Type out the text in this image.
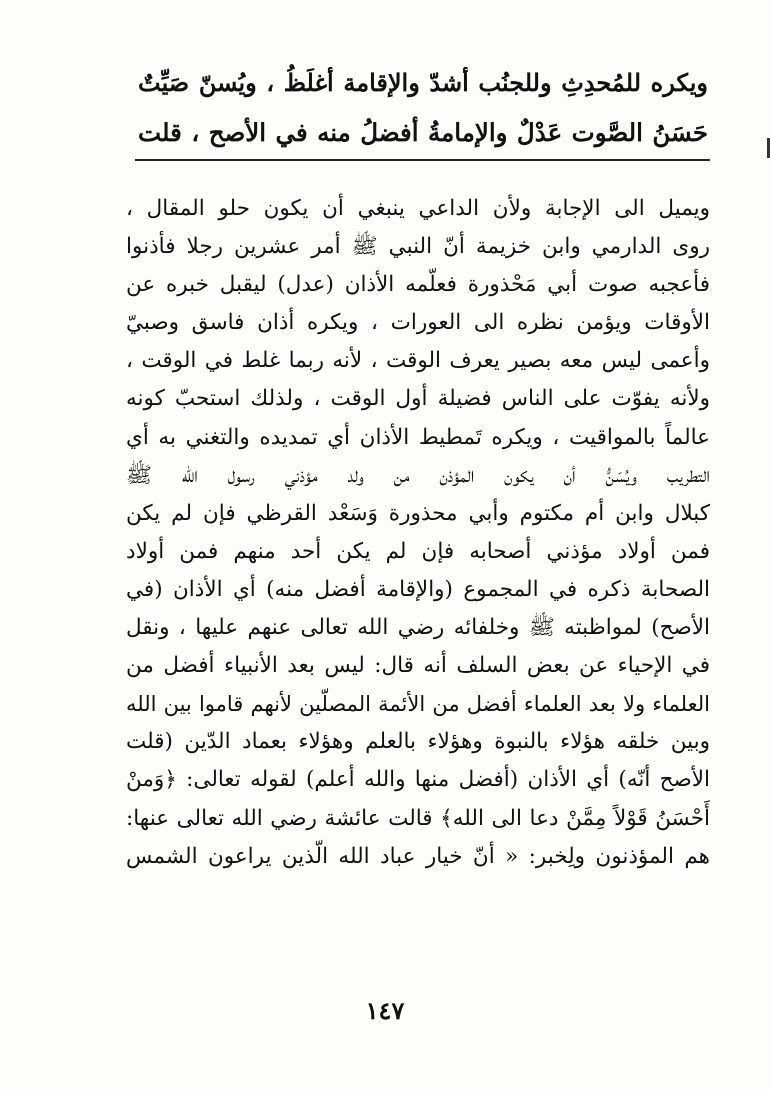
ويكره للمُحدِثِ وللجنُب أشدّ والإقامة أغلَظُ ، ويُسنّ صَيِّتٌ
حَسَنُ الصَّوت عَدْلٌ والإمامةُ أفضلُ منه في الأصح ، قلت
ويميل الى الإجابة ولأن الداعي ينبغي أن يكون حلو المقال ،
روى الدارمي وابن خزيمة أنّ النبي ﷺ أمر عشرين رجلا فأذنوا
فأعجبه صوت أبي مَحْذورة فعلّمه الأذان (عدل) ليقبل خبره عن
الأوقات ويؤمن نظره الى العورات ، ويكره أذان فاسق وصبيّ
وأعمى ليس معه بصير يعرف الوقت ، لأنه ربما غلط في الوقت ،
ولأنه يفوّت على الناس فضيلة أول الوقت ، ولذلك استحبّ كونه
عالماً بالمواقيت ، ويكره تَمطيط الأذان أي تمديده والتغني به أي
التطريب ويُسَنُّ أن يكون المؤذن من ولد مؤذني رسول الله ﷺ
كبلال وابن أم مكتوم وأبي محذورة وَسَعْد القرظي فإن لم يكن
فمن أولاد مؤذني أصحابه فإن لم يكن أحد منهم فمن أولاد
الصحابة ذكره في المجموع (والإقامة أفضل منه) أي الأذان (في
الأصح) لمواظبته ﷺ وخلفائه رضي الله تعالى عنهم عليها ، ونقل
في الإحياء عن بعض السلف أنه قال: ليس بعد الأنبياء أفضل من
العلماء ولا بعد العلماء أفضل من الأئمة المصلّين لأنهم قاموا بين الله
وبين خلقه هؤلاء بالنبوة وهؤلاء بالعلم وهؤلاء بعماد الدّين (قلت
الأصح أنّه) أي الأذان (أفضل منها والله أعلم) لقوله تعالى: ﴿وَمنْ
أَحْسَنُ قَوْلاً مِمَّنْ دعا الى الله﴾ قالت عائشة رضي الله تعالى عنها:
هم المؤذنون ولِخبر: « أنّ خيار عباد الله الّذين يراعون الشمس
١٤٧
